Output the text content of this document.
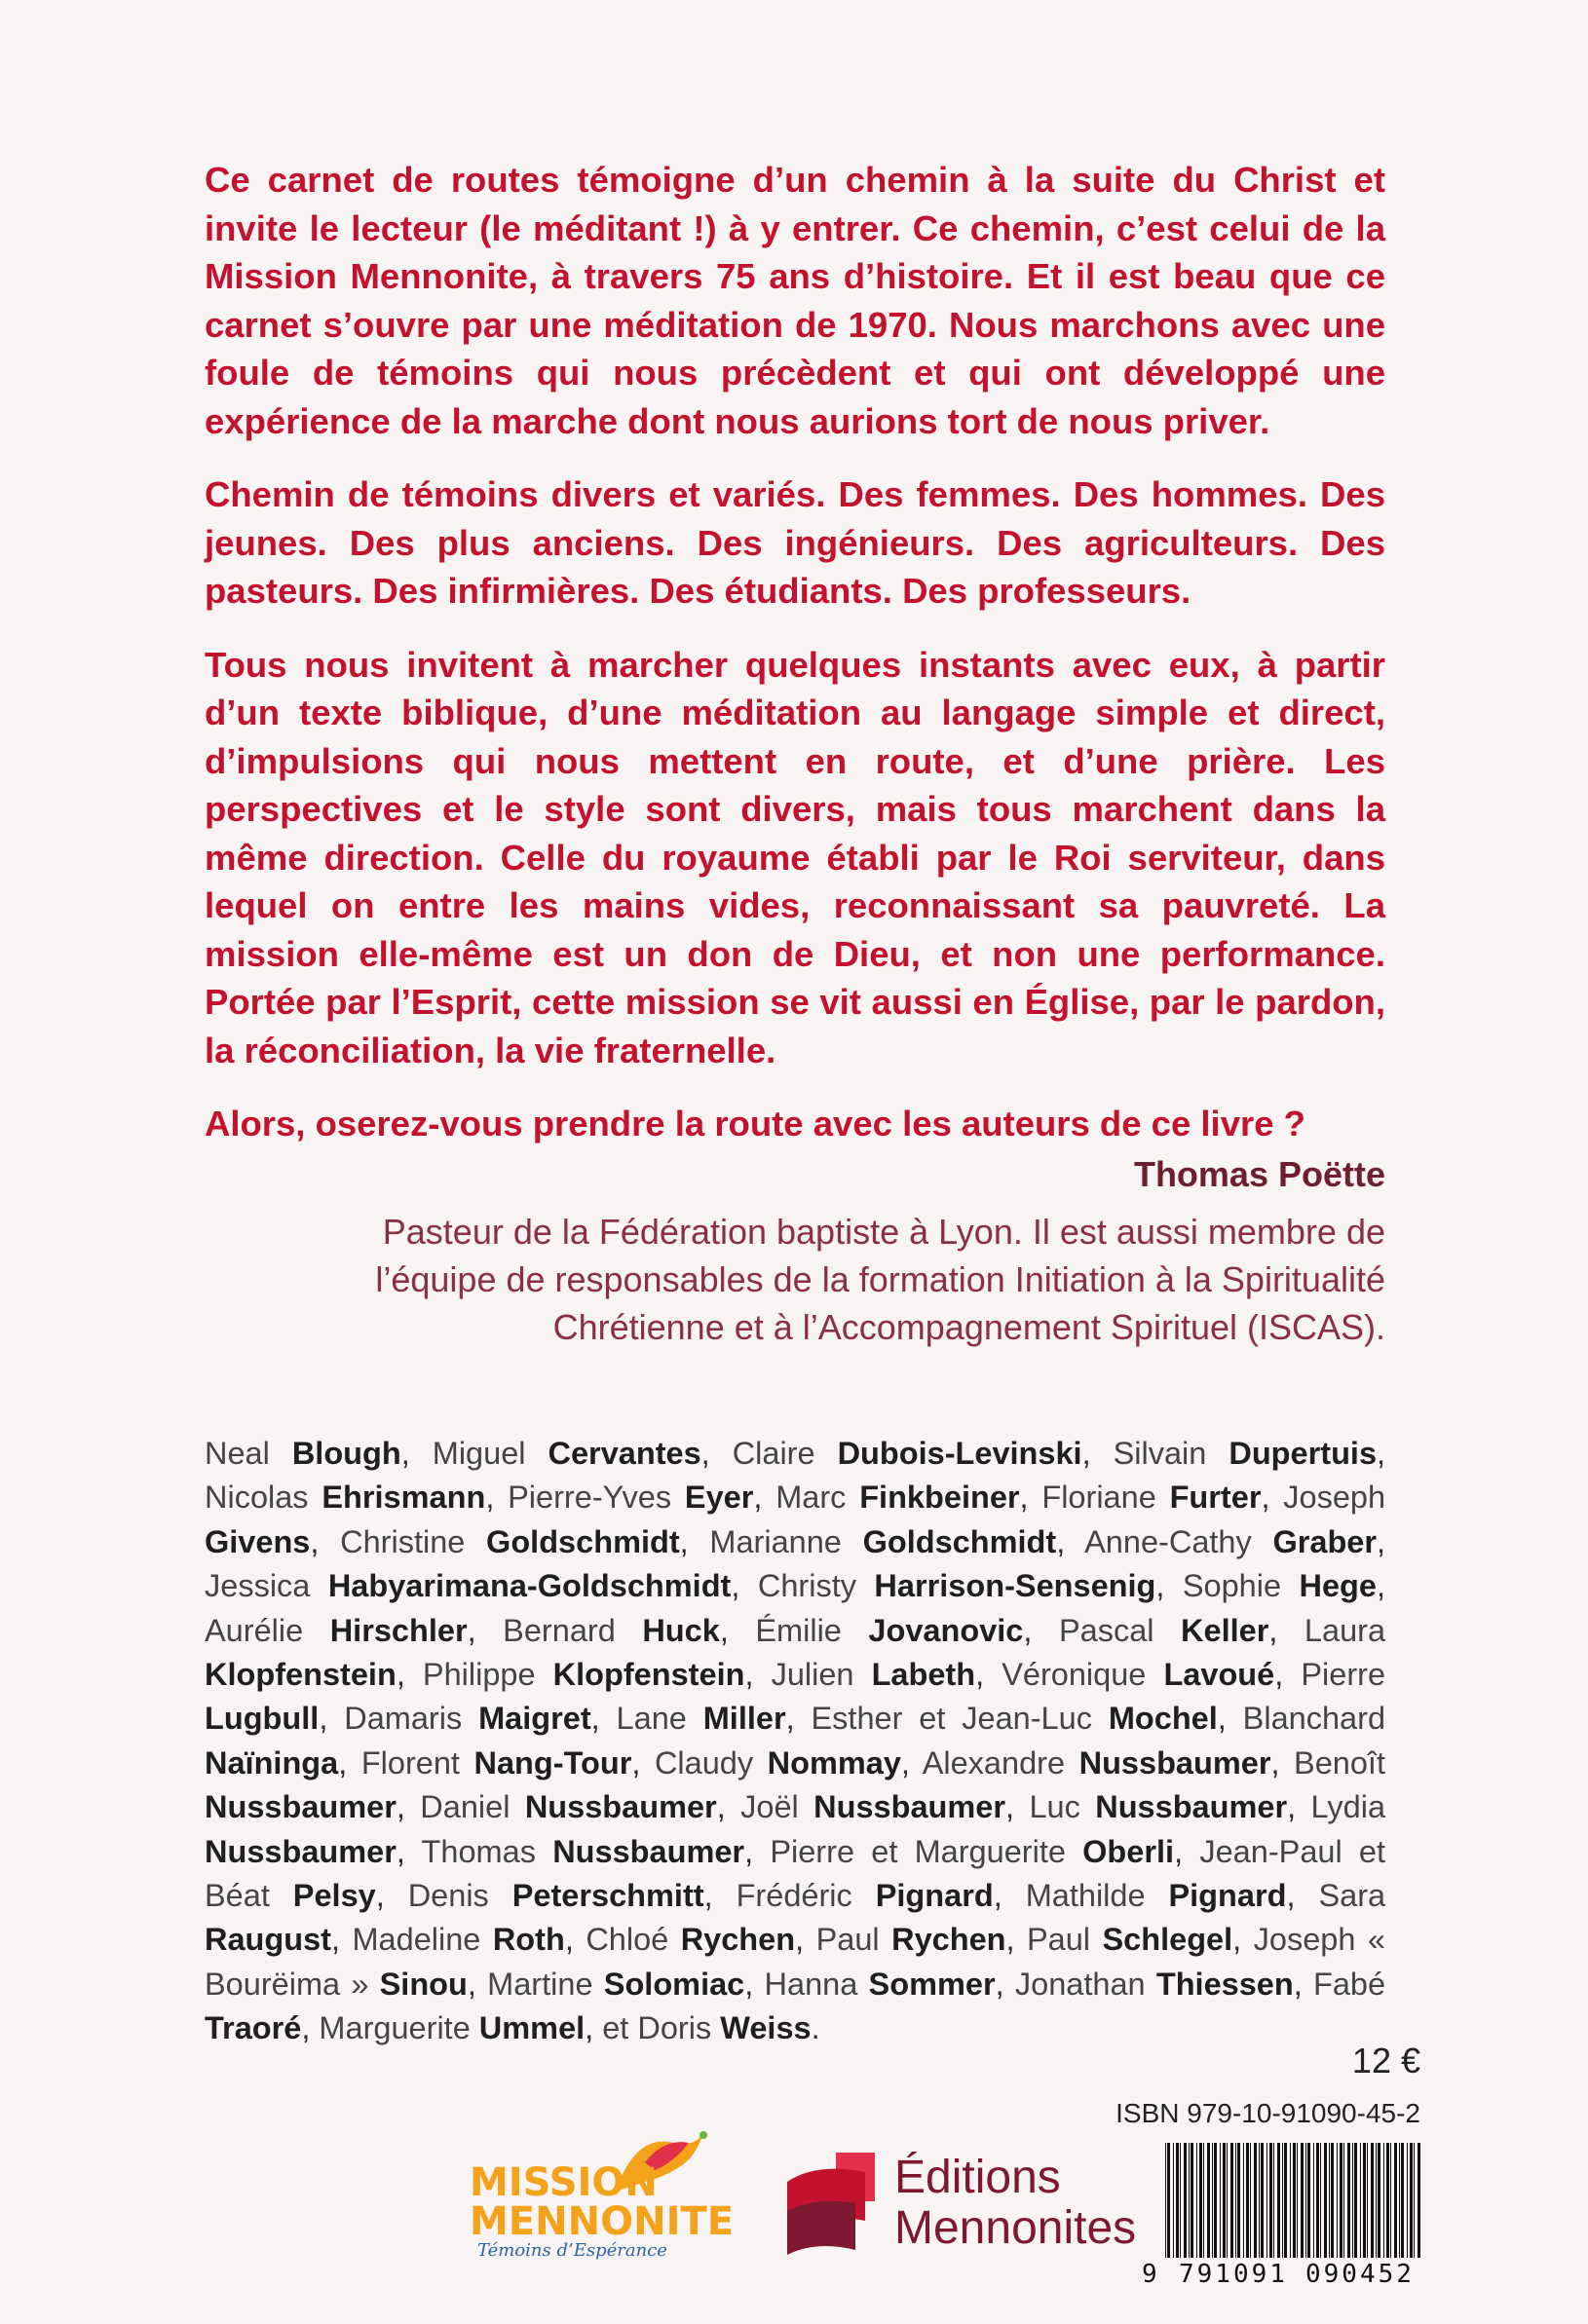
Ce carnet de routes témoigne d’un chemin à la suite du Christ et invite le lecteur (le méditant !) à y entrer. Ce chemin, c’est celui de la Mission Mennonite, à travers 75 ans d’histoire. Et il est beau que ce carnet s’ouvre par une méditation de 1970. Nous marchons avec une foule de témoins qui nous précèdent et qui ont développé une expérience de la marche dont nous aurions tort de nous priver.

Chemin de témoins divers et variés. Des femmes. Des hommes. Des jeunes. Des plus anciens. Des ingénieurs. Des agriculteurs. Des pasteurs. Des infirmières. Des étudiants. Des professeurs.

Tous nous invitent à marcher quelques instants avec eux, à partir d’un texte biblique, d’une méditation au langage simple et direct, d’impulsions qui nous mettent en route, et d’une prière. Les perspectives et le style sont divers, mais tous marchent dans la même direction. Celle du royaume établi par le Roi serviteur, dans lequel on entre les mains vides, reconnaissant sa pauvreté. La mission elle-même est un don de Dieu, et non une performance. Portée par l’Esprit, cette mission se vit aussi en Église, par le pardon, la réconciliation, la vie fraternelle.

Alors, oserez-vous prendre la route avec les auteurs de ce livre ?

Thomas Poëtte
Pasteur de la Fédération baptiste à Lyon. Il est aussi membre de l’équipe de responsables de la formation Initiation à la Spiritualité Chrétienne et à l’Accompagnement Spirituel (ISCAS).
Neal Blough, Miguel Cervantes, Claire Dubois-Levinski, Silvain Dupertuis, Nicolas Ehrismann, Pierre-Yves Eyer, Marc Finkbeiner, Floriane Furter, Joseph Givens, Christine Goldschmidt, Marianne Goldschmidt, Anne-Cathy Graber, Jessica Habyarimana-Goldschmidt, Christy Harrison-Sensenig, Sophie Hege, Aurélie Hirschler, Bernard Huck, Émilie Jovanovic, Pascal Keller, Laura Klopfenstein, Philippe Klopfenstein, Julien Labeth, Véronique Lavoué, Pierre Lugbull, Damaris Maigret, Lane Miller, Esther et Jean-Luc Mochel, Blanchard Naïninga, Florent Nang-Tour, Claudy Nommay, Alexandre Nussbaumer, Benoît Nussbaumer, Daniel Nussbaumer, Joël Nussbaumer, Luc Nussbaumer, Lydia Nussbaumer, Thomas Nussbaumer, Pierre et Marguerite Oberli, Jean-Paul et Béat Pelsy, Denis Peterschmitt, Frédéric Pignard, Mathilde Pignard, Sara Raugust, Madeline Roth, Chloé Rychen, Paul Rychen, Paul Schlegel, Joseph « Bourëima » Sinou, Martine Solomiac, Hanna Sommer, Jonathan Thiessen, Fabé Traoré, Marguerite Ummel, et Doris Weiss.
12 €
ISBN 979-10-91090-45-2
9 791091 090452
MISSION
MENNONITE
Témoins d’Espérance
Éditions
Mennonites
